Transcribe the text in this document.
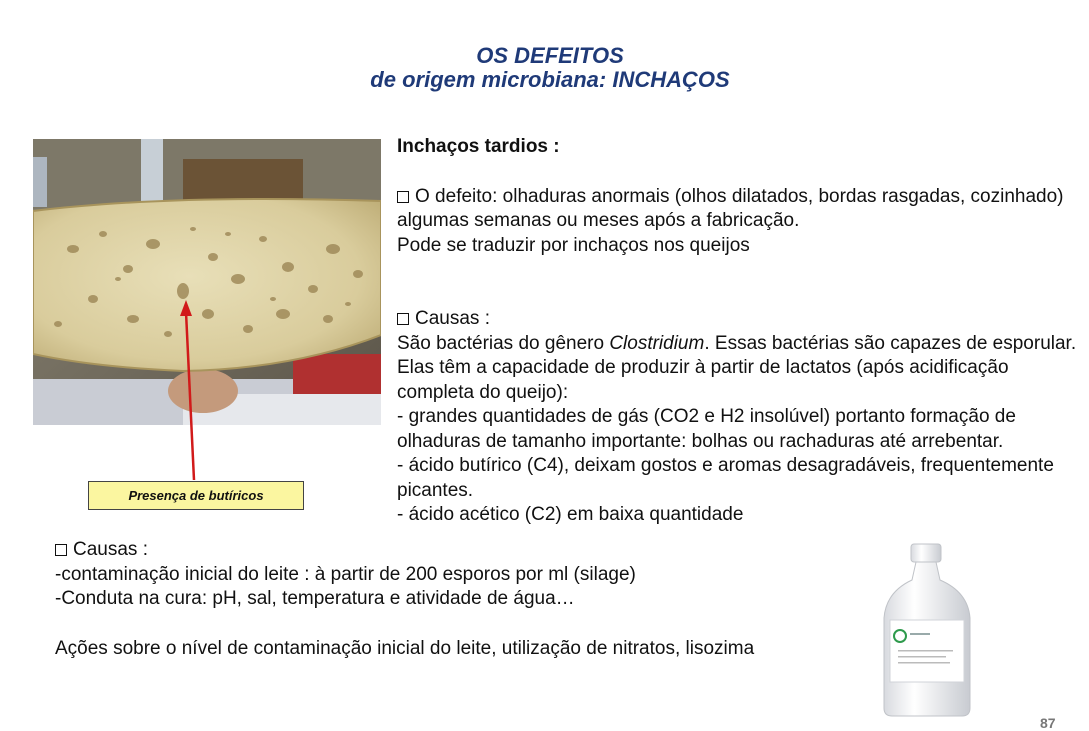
OS DEFEITOS
de origem microbiana: INCHAÇOS
Presença de butíricos
Inchaços tardios :

O defeito: olhaduras anormais (olhos dilatados, bordas rasgadas, cozinhado) algumas semanas ou meses após a fabricação.

Pode se traduzir por inchaços nos queijos

Causas :

São bactérias do gênero Clostridium. Essas bactérias são capazes de esporular. Elas têm a capacidade de produzir à partir de lactatos (após acidificação completa do queijo):

- grandes quantidades de gás (CO2 e H2 insolúvel) portanto formação de olhaduras de tamanho importante: bolhas ou rachaduras até arrebentar.

- ácido butírico (C4), deixam gostos e aromas desagradáveis, frequentemente picantes.

- ácido acético (C2) em baixa quantidade

Causas :
-contaminação inicial do leite : à partir de 200 esporos por ml (silage)
-Conduta na cura: pH, sal, temperatura e atividade de água…
Ações sobre o nível de contaminação inicial do leite, utilização de nitratos, lisozima
87
